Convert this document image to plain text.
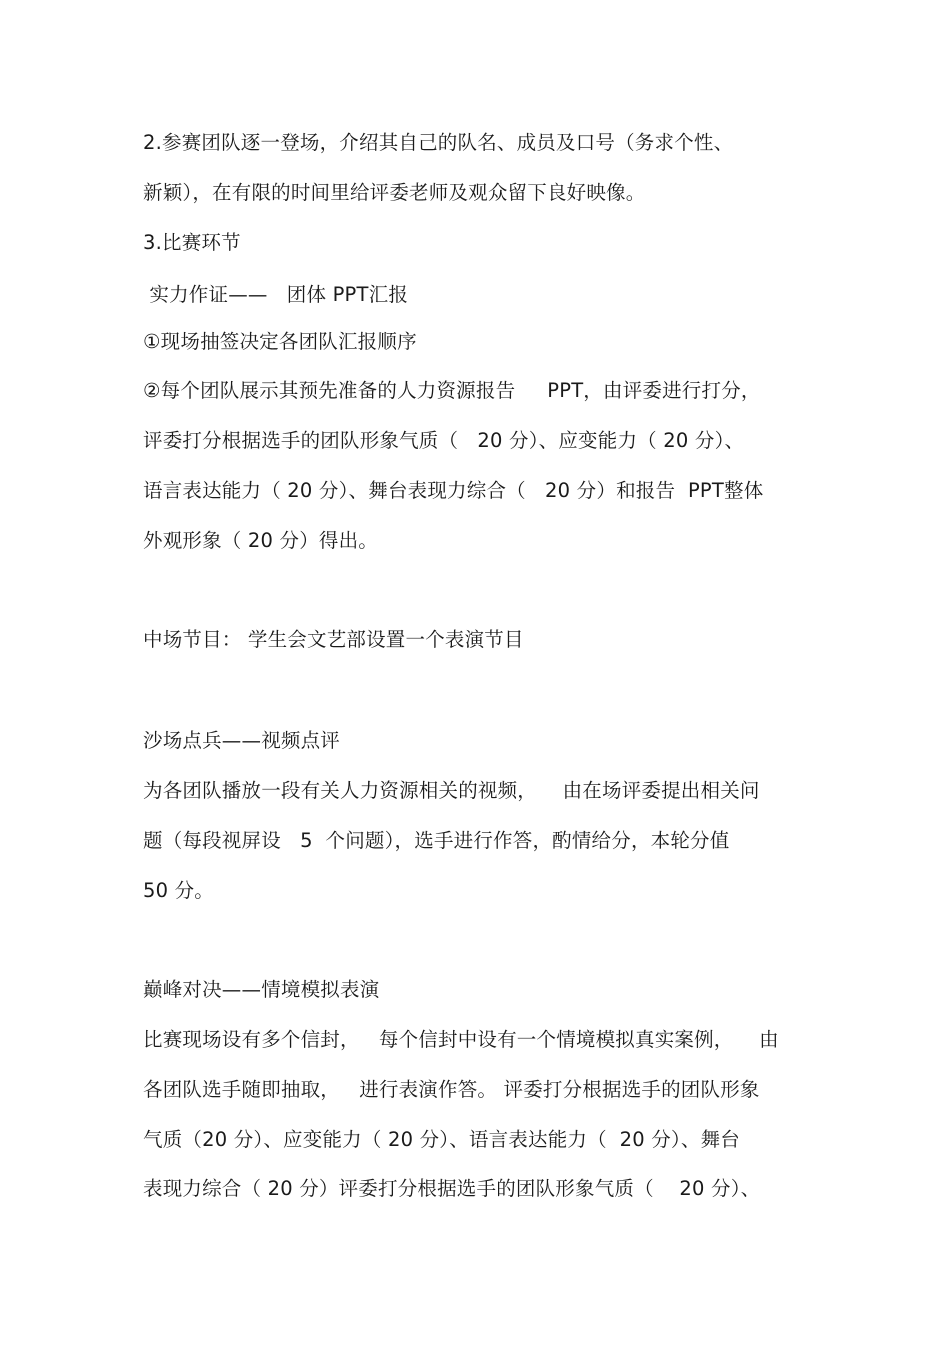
2.参赛团队逐一登场，介绍其自己的队名、成员及口号（务求个性、
新颖），在有限的时间里给评委老师及观众留下良好映像。
3.比赛环节
实力作证——   团体 PPT汇报
①现场抽签决定各团队汇报顺序
②每个团队展示其预先准备的人力资源报告     PPT，由评委进行打分，
评委打分根据选手的团队形象气质（   20 分）、应变能力（ 20 分）、
语言表达能力（ 20 分）、舞台表现力综合（   20 分）和报告  PPT整体
外观形象（ 20 分）得出。
中场节目： 学生会文艺部设置一个表演节目
沙场点兵——视频点评
为各团队播放一段有关人力资源相关的视频，    由在场评委提出相关问
题（每段视屏设   5  个问题），选手进行作答，酌情给分，本轮分值
50 分。
巅峰对决——情境模拟表演
比赛现场设有多个信封，   每个信封中设有一个情境模拟真实案例，    由
各团队选手随即抽取，   进行表演作答。 评委打分根据选手的团队形象
气质（20 分）、应变能力（ 20 分）、语言表达能力（  20 分）、舞台
表现力综合（ 20 分）评委打分根据选手的团队形象气质（    20 分）、
